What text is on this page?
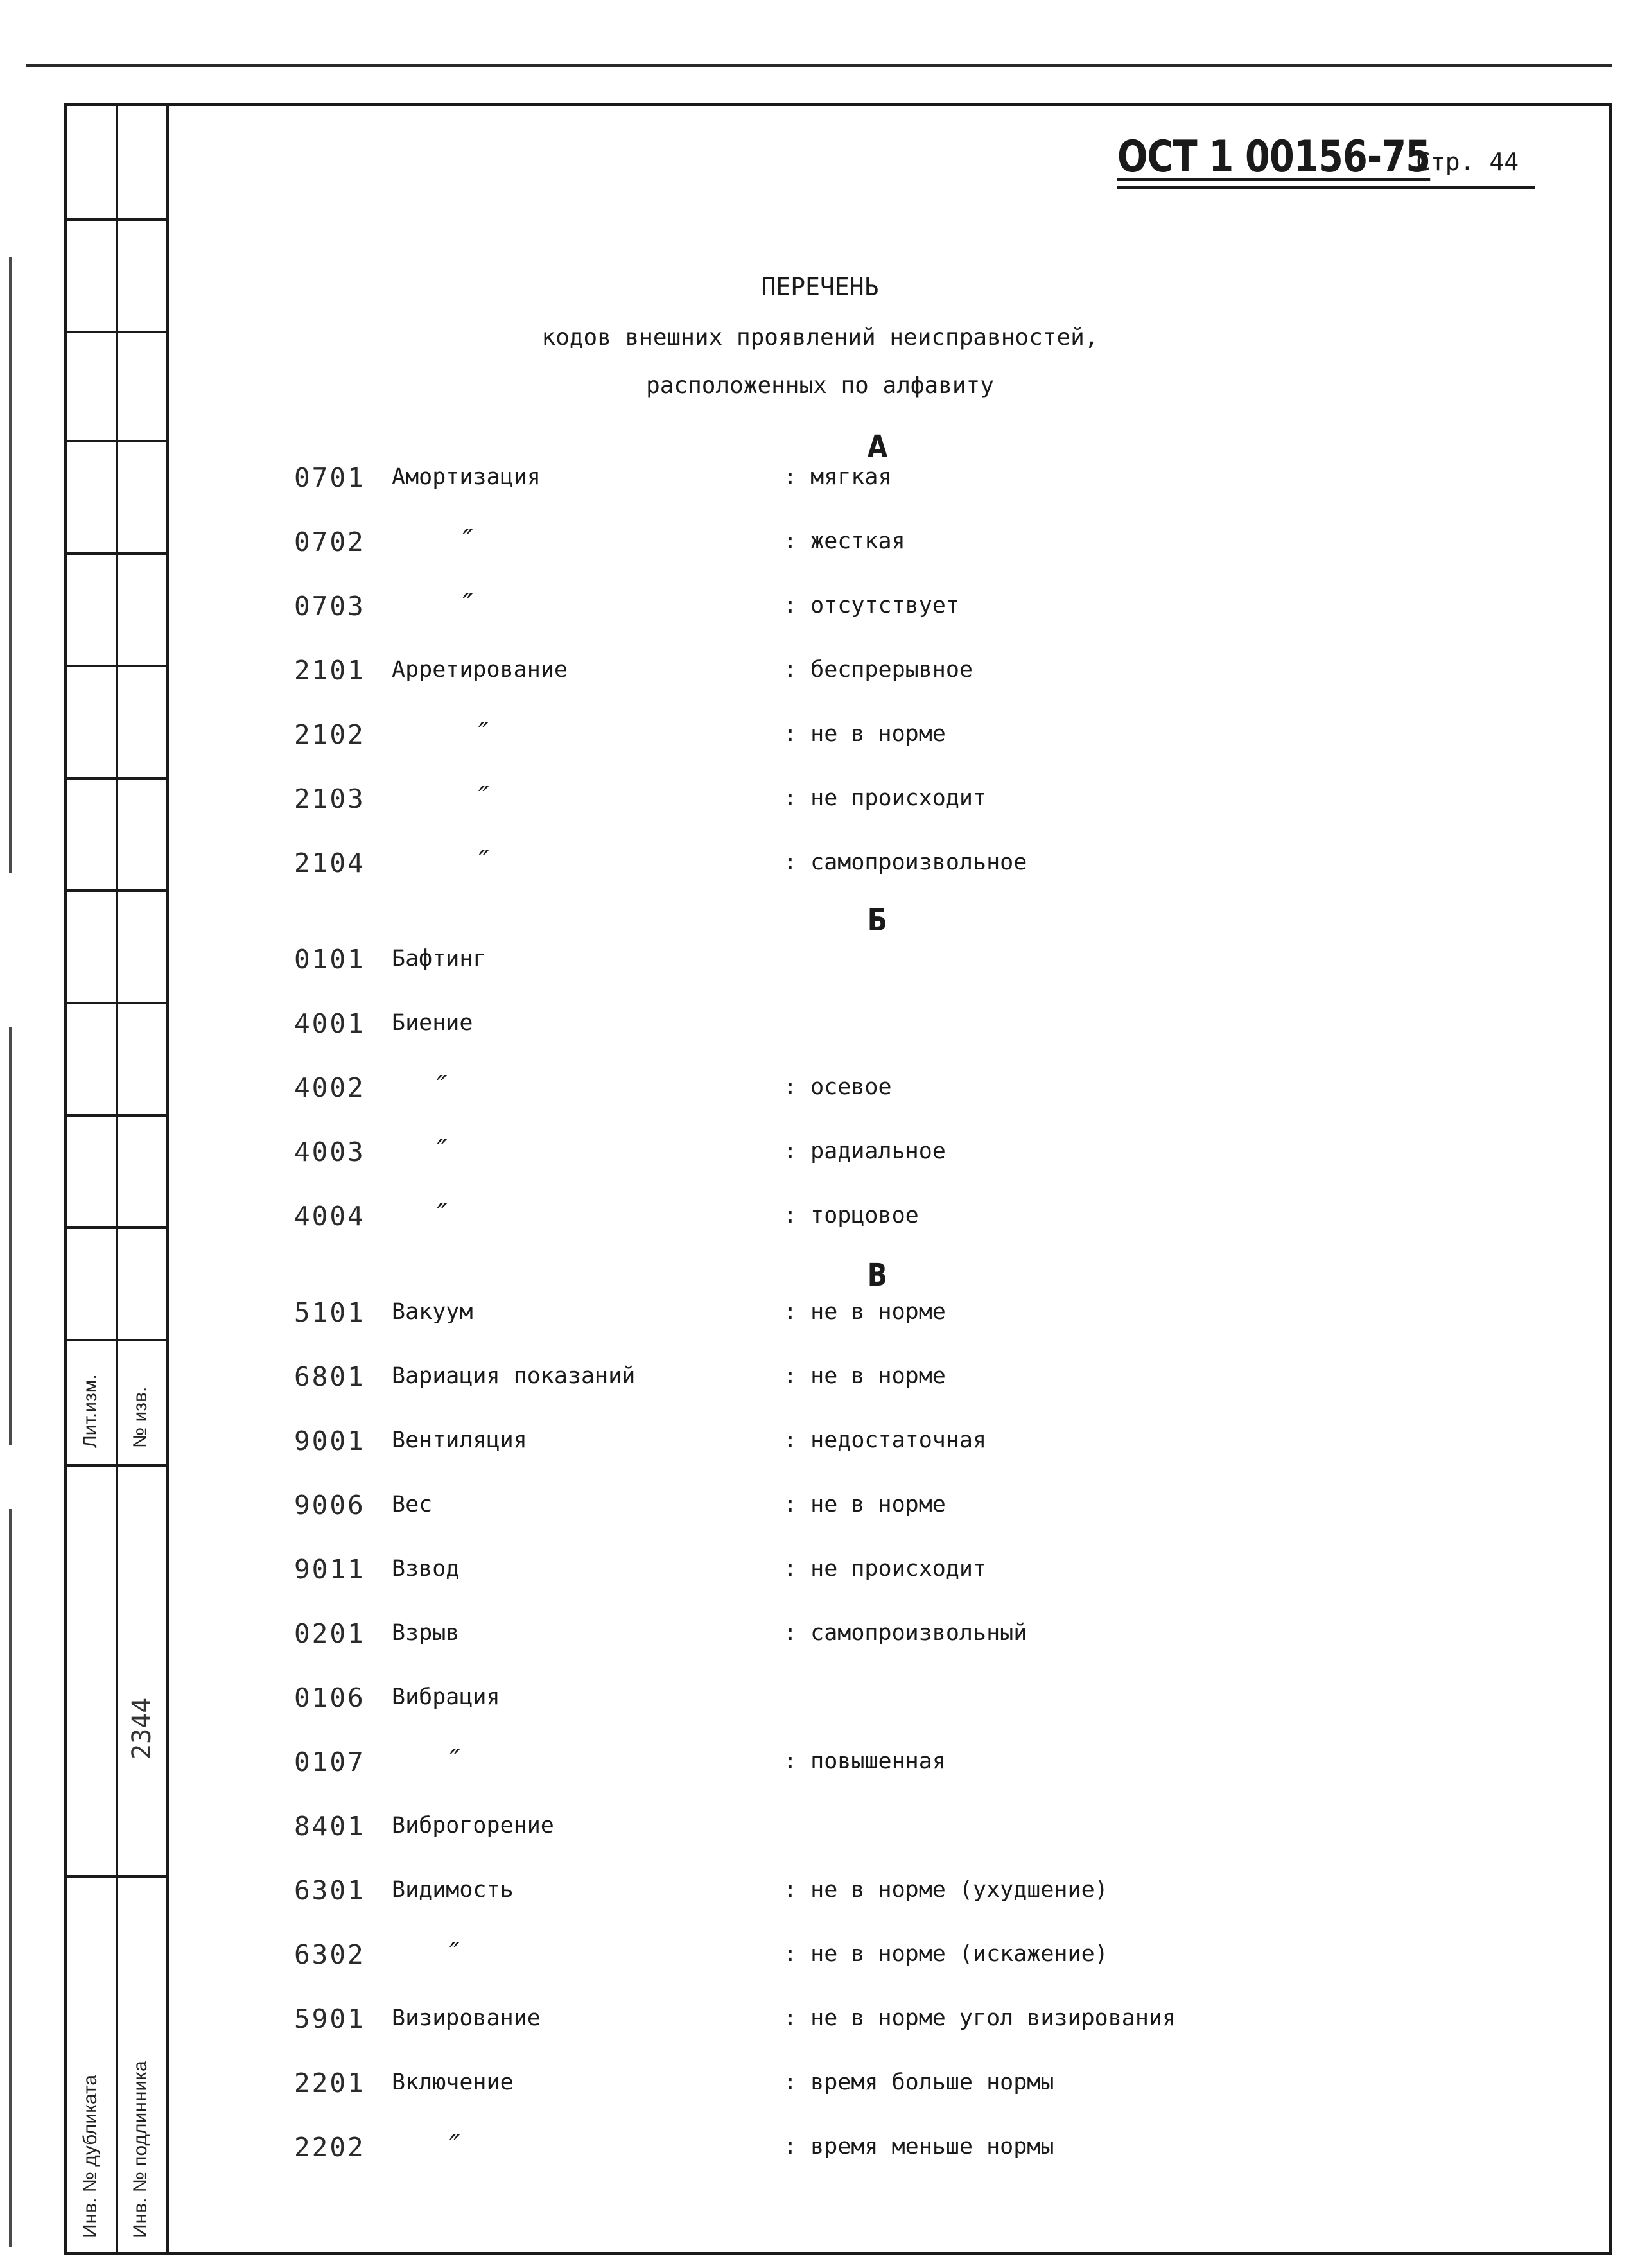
Лит.изм. № изв.
2344
Инв. № дубликата Инв. № подлинника
ОСТ 1 00156-75
Стр. 44
ПЕРЕЧЕНЬ
кодов внешних проявлений неисправностей,
расположенных по алфавиту
А
0701 Амортизация	: мягкая
0702	″	: жесткая
0703	″	: отсутствует
2101 Арретирование	: беспрерывное
2102	″	: не в норме
2103	″	: не происходит
2104	″	: самопроизвольное
Б
0101 Бафтинг
4001 Биение
4002	″	: осевое
4003	″	: радиальное
4004	″	: торцовое
В
5101 Вакуум	: не в норме
6801 Вариация показаний	: не в норме
9001 Вентиляция	: недостаточная
9006 Вес	: не в норме
9011 Взвод	: не происходит
0201 Взрыв	: самопроизвольный
0106 Вибрация
0107	″	: повышенная
8401 Виброгорение
6301 Видимость	: не в норме (ухудшение)
6302	″	: не в норме (искажение)
5901 Визирование	: не в норме угол визирования
2201 Включение	: время больше нормы
2202	″	: время меньше нормы
